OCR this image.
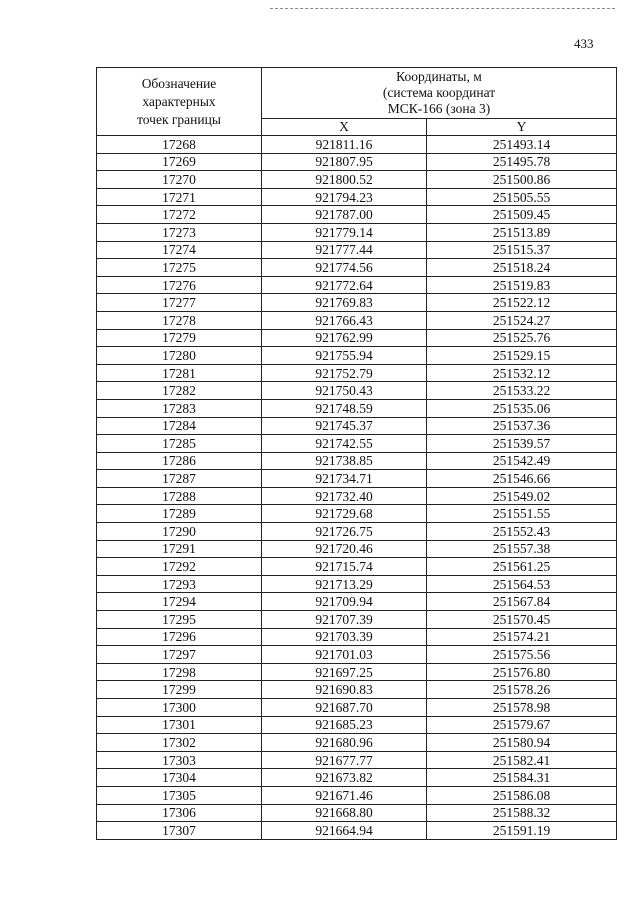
433
Обозначение
характерных
точек границы	Координаты, м
(система координат
МСК-166 (зона 3)	

	X	Y
17268	921811.16	251493.14
17269	921807.95	251495.78
17270	921800.52	251500.86
17271	921794.23	251505.55
17272	921787.00	251509.45
17273	921779.14	251513.89
17274	921777.44	251515.37
17275	921774.56	251518.24
17276	921772.64	251519.83
17277	921769.83	251522.12
17278	921766.43	251524.27
17279	921762.99	251525.76
17280	921755.94	251529.15
17281	921752.79	251532.12
17282	921750.43	251533.22
17283	921748.59	251535.06
17284	921745.37	251537.36
17285	921742.55	251539.57
17286	921738.85	251542.49
17287	921734.71	251546.66
17288	921732.40	251549.02
17289	921729.68	251551.55
17290	921726.75	251552.43
17291	921720.46	251557.38
17292	921715.74	251561.25
17293	921713.29	251564.53
17294	921709.94	251567.84
17295	921707.39	251570.45
17296	921703.39	251574.21
17297	921701.03	251575.56
17298	921697.25	251576.80
17299	921690.83	251578.26
17300	921687.70	251578.98
17301	921685.23	251579.67
17302	921680.96	251580.94
17303	921677.77	251582.41
17304	921673.82	251584.31
17305	921671.46	251586.08
17306	921668.80	251588.32
17307	921664.94	251591.19
